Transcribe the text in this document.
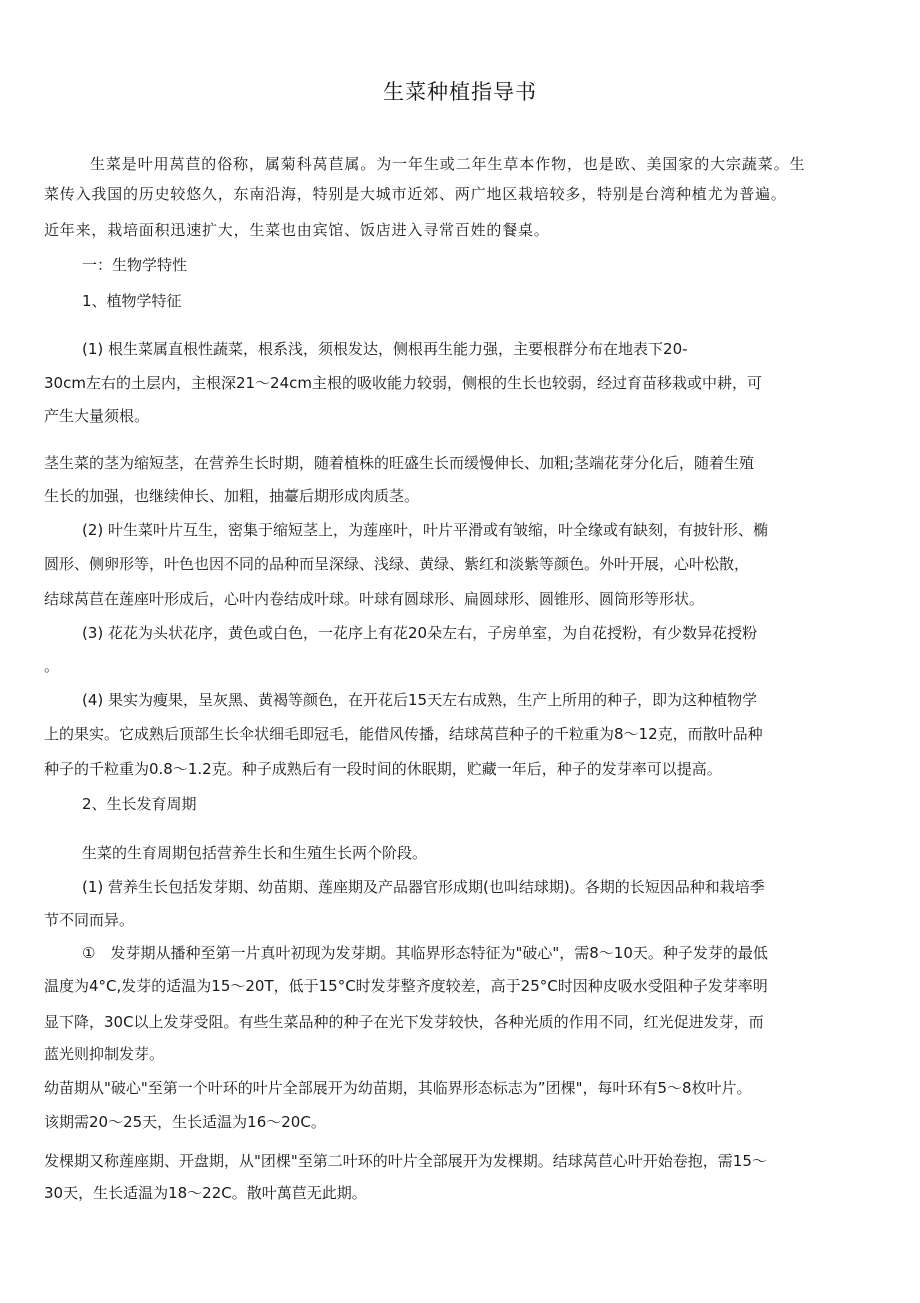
生菜种植指导书
生菜是叶用莴苣的俗称，属菊科莴苣属。为一年生或二年生草本作物，也是欧、美国家的大宗蔬菜。生
菜传入我国的历史较悠久，东南沿海，特别是大城市近郊、两广地区栽培较多，特别是台湾种植尤为普遍。
近年来，栽培面积迅速扩大，生菜也由宾馆、饭店进入寻常百姓的餐桌。
一：生物学特性
1、植物学特征
(1) 根生菜属直根性蔬菜，根系浅，须根发达，侧根再生能力强，主要根群分布在地表下20-
30cm左右的土层内，主根深21～24cm主根的吸收能力较弱，侧根的生长也较弱，经过育苗移栽或中耕，可
产生大量须根。
茎生菜的茎为缩短茎，在营养生长时期，随着植株的旺盛生长而缓慢伸长、加粗;茎端花芽分化后，随着生殖
生长的加强，也继续伸长、加粗，抽薹后期形成肉质茎。
(2) 叶生菜叶片互生，密集于缩短茎上，为莲座叶，叶片平滑或有皱缩，叶全缘或有缺刻，有披针形、椭
圆形、侧卵形等，叶色也因不同的品种而呈深绿、浅绿、黄绿、紫红和淡紫等颜色。外叶开展，心叶松散，
结球莴苣在莲座叶形成后，心叶内卷结成叶球。叶球有圆球形、扁圆球形、圆锥形、圆筒形等形状。
(3) 花花为头状花序，黄色或白色，一花序上有花20朵左右，子房单室，为自花授粉，有少数异花授粉
。
(4) 果实为瘦果，呈灰黑、黄褐等颜色，在开花后15天左右成熟，生产上所用的种子，即为这种植物学
上的果实。它成熟后顶部生长伞状细毛即冠毛，能借风传播，结球莴苣种子的千粒重为8～12克，而散叶品种
种子的千粒重为0.8～1.2克。种子成熟后有一段时间的休眠期，贮藏一年后，种子的发芽率可以提高。
2、生长发育周期
生菜的生育周期包括营养生长和生殖生长两个阶段。
(1) 营养生长包括发芽期、幼苗期、莲座期及产品器官形成期(也叫结球期)。各期的长短因品种和栽培季
节不同而异。
①　发芽期从播种至第一片真叶初现为发芽期。其临界形态特征为"破心"，需8～10天。种子发芽的最低
温度为4°C,发芽的适温为15～20T，低于15°C时发芽整齐度较差，高于25°C时因种皮吸水受阻种子发芽率明
显下降，30C以上发芽受阻。有些生菜品种的种子在光下发芽较快，各种光质的作用不同，红光促进发芽，而
蓝光则抑制发芽。
幼苗期从"破心"至第一个叶环的叶片全部展开为幼苗期，其临界形态标志为”团棵"，每叶环有5～8枚叶片。
该期需20～25天，生长适温为16～20C。
发棵期又称莲座期、开盘期，从"团棵"至第二叶环的叶片全部展开为发棵期。结球莴苣心叶开始卷抱，需15～
30天，生长适温为18～22C。散叶萬苣无此期。
